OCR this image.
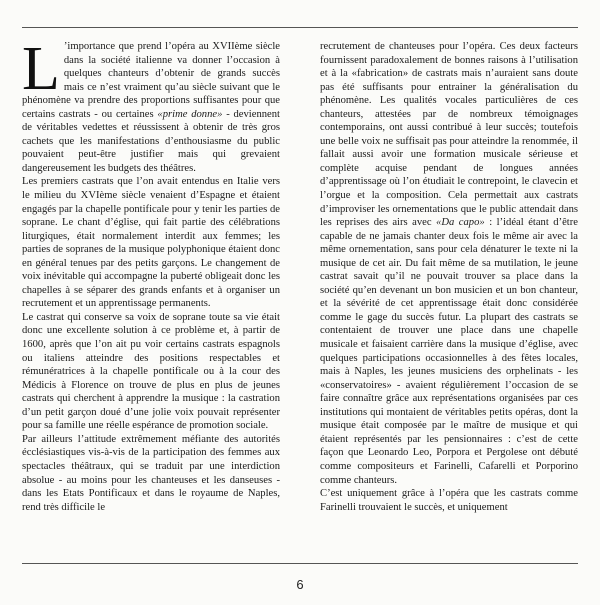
L ’importance que prend l’opéra au XVIIème siècle dans la société italienne va donner l’occasion à quelques chanteurs d’obtenir de grands succès mais ce n’est vraiment qu’au siècle suivant que le phénomène va prendre des proportions suffisantes pour que certains castrats - ou certaines «prime donne» - deviennent de véritables vedettes et réussissent à obtenir de très gros cachets que les manifestations d’enthousiasme du public pouvaient peut-être justifier mais qui grevaient dangereusement les budgets des théâtres.

Les premiers castrats que l’on avait entendus en Italie vers le milieu du XVIème siècle venaient d’Espagne et étaient engagés par la chapelle pontificale pour y tenir les parties de soprane. Le chant d’église, qui fait partie des célébrations liturgiques, était normalement interdit aux femmes; les parties de sopranes de la musique polyphonique étaient donc en général tenues par des petits garçons. Le changement de voix inévitable qui accompagne la puberté obligeait donc les chapelles à se séparer des grands enfants et à organiser un recrutement et un apprentissage permanents.

Le castrat qui conserve sa voix de soprane toute sa vie était donc une excellente solution à ce problème et, à partir de 1600, après que l’on ait pu voir certains castrats espagnols ou italiens atteindre des positions respectables et rémunératrices à la chapelle pontificale ou à la cour des Médicis à Florence on trouve de plus en plus de jeunes castrats qui cherchent à apprendre la musique : la castration d’un petit garçon doué d’une jolie voix pouvait représenter pour sa famille une réelle espérance de promotion sociale.

Par ailleurs l’attitude extrêmement méfiante des autorités écclésiastiques vis-à-vis de la participation des femmes aux spectacles théâtraux, qui se traduit par une interdiction absolue - au moins pour les chanteuses et les danseuses - dans les Etats Pontificaux et dans le royaume de Naples, rend très difficile le

recrutement de chanteuses pour l’opéra. Ces deux facteurs fournissent paradoxalement de bonnes raisons à l’utilisation et à la «fabrication» de castrats mais n’auraient sans doute pas été suffisants pour entrainer la généralisation du phénomène. Les qualités vocales particulières de ces chanteurs, attestées par de nombreux témoignages contemporains, ont aussi contribué à leur succès; toutefois une belle voix ne suffisait pas pour atteindre la renommée, il fallait aussi avoir une formation musicale sérieuse et complète acquise pendant de longues années d’apprentissage où l’on étudiait le contrepoint, le clavecin et l’orgue et la composition. Cela permettait aux castrats d’improviser les ornementations que le public attendait dans les reprises des airs avec «Da capo» : l’idéal étant d’être capable de ne jamais chanter deux fois le même air avec la même ornementation, sans pour cela dénaturer le texte ni la musique de cet air. Du fait même de sa mutilation, le jeune castrat savait qu’il ne pouvait trouver sa place dans la société qu’en devenant un bon musicien et un bon chanteur, et la sévérité de cet apprentissage était donc considérée comme le gage du succès futur. La plupart des castrats se contentaient de trouver une place dans une chapelle musicale et faisaient carrière dans la musique d’église, avec quelques participations occasionnelles à des fêtes locales, mais à Naples, les jeunes musiciens des orphelinats - les «conservatoires» - avaient régulièrement l’occasion de se faire connaître grâce aux représentations organisées par ces institutions qui montaient de véritables petits opéras, dont la musique était composée par le maître de musique et qui étaient représentés par les pensionnaires : c’est de cette façon que Leonardo Leo, Porpora et Pergolese ont débuté comme compositeurs et Farinelli, Cafarelli et Porporino comme chanteurs.

C’est uniquement grâce à l’opéra que les castrats comme Farinelli trouvaient le succès, et uniquement

6
